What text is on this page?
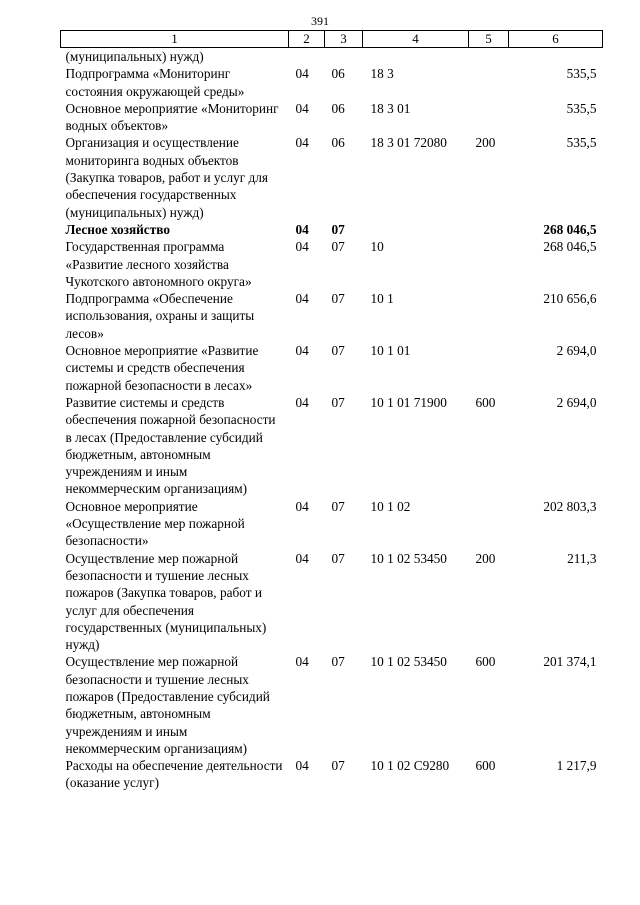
391
1	2	3	4	5	6
(муниципальных) нужд)					
Подпрограмма «Мониторинг состояния окружающей среды»	04	06	18 3		535,5
Основное мероприятие «Мониторинг водных объектов»	04	06	18 3 01		535,5
Организация и осуществление мониторинга водных объектов (Закупка товаров, работ и услуг для обеспечения государственных (муниципальных) нужд)	04	06	18 3 01 72080	200	535,5
Лесное хозяйство	04	07			268 046,5
Государственная программа «Развитие лесного хозяйства Чукотского автономного округа»	04	07	10		268 046,5
Подпрограмма «Обеспечение использования, охраны и защиты лесов»	04	07	10 1		210 656,6
Основное мероприятие «Развитие системы и средств обеспечения пожарной безопасности в лесах»	04	07	10 1 01		2 694,0
Развитие системы и средств обеспечения пожарной безопасности в лесах (Предоставление субсидий бюджетным, автономным учреждениям и иным некоммерческим организациям)	04	07	10 1 01 71900	600	2 694,0
Основное мероприятие «Осуществление мер пожарной безопасности»	04	07	10 1 02		202 803,3
Осуществление мер пожарной безопасности и тушение лесных пожаров (Закупка товаров, работ и услуг для обеспечения государственных (муниципальных) нужд)	04	07	10 1 02 53450	200	211,3
Осуществление мер пожарной безопасности и тушение лесных пожаров (Предоставление субсидий бюджетным, автономным учреждениям и иным некоммерческим организациям)	04	07	10 1 02 53450	600	201 374,1
Расходы на обеспечение деятельности (оказание услуг)	04	07	10 1 02 С9280	600	1 217,9
